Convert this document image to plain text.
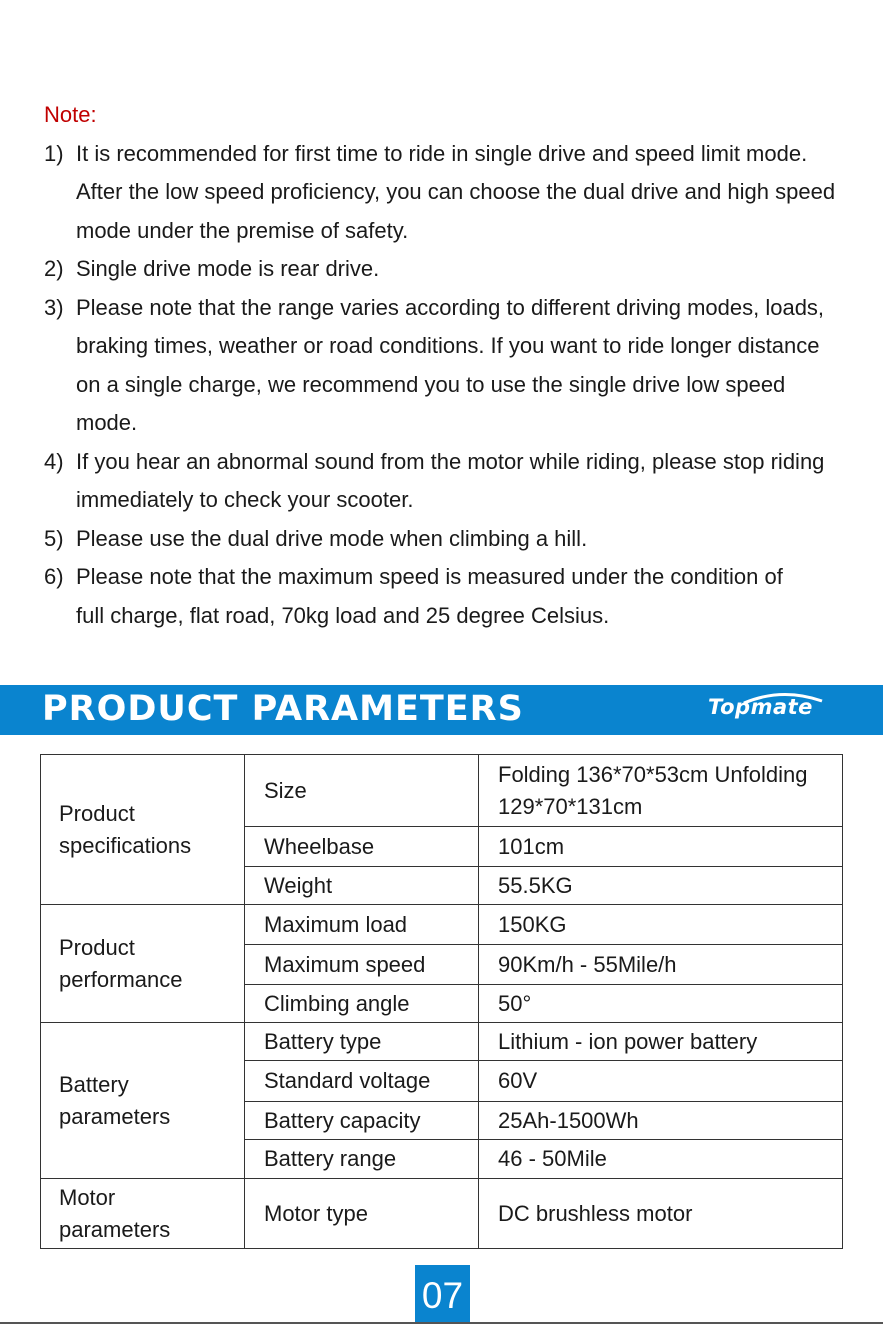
Note:
1) It is recommended for first time to ride in single drive and speed limit mode. After the low speed proficiency, you can choose the dual drive and high speed mode under the premise of safety.
2) Single drive mode is rear drive.
3) Please note that the range varies according to different driving modes, loads, braking times, weather or road conditions. If you want to ride longer distance on a single charge, we recommend you to use the single drive low speed mode.
4) If you hear an abnormal sound from the motor while riding, please stop riding immediately to check your scooter.
5) Please use the dual drive mode when climbing a hill.
6) Please note that the maximum speed is measured under the condition of full charge, flat road, 70kg load and 25 degree Celsius.
PRODUCT PARAMETERS	Topmate
Product specifications	Size	Folding 136*70*53cm Unfolding 129*70*131cm
	Wheelbase	101cm
	Weight	55.5KG
Product performance	Maximum load	150KG
	Maximum speed	90Km/h - 55Mile/h
	Climbing angle	50°
Battery parameters	Battery type	Lithium - ion power battery
	Standard voltage	60V
	Battery capacity	25Ah-1500Wh
	Battery range	46 - 50Mile
Motor parameters	Motor type	DC brushless motor
07
